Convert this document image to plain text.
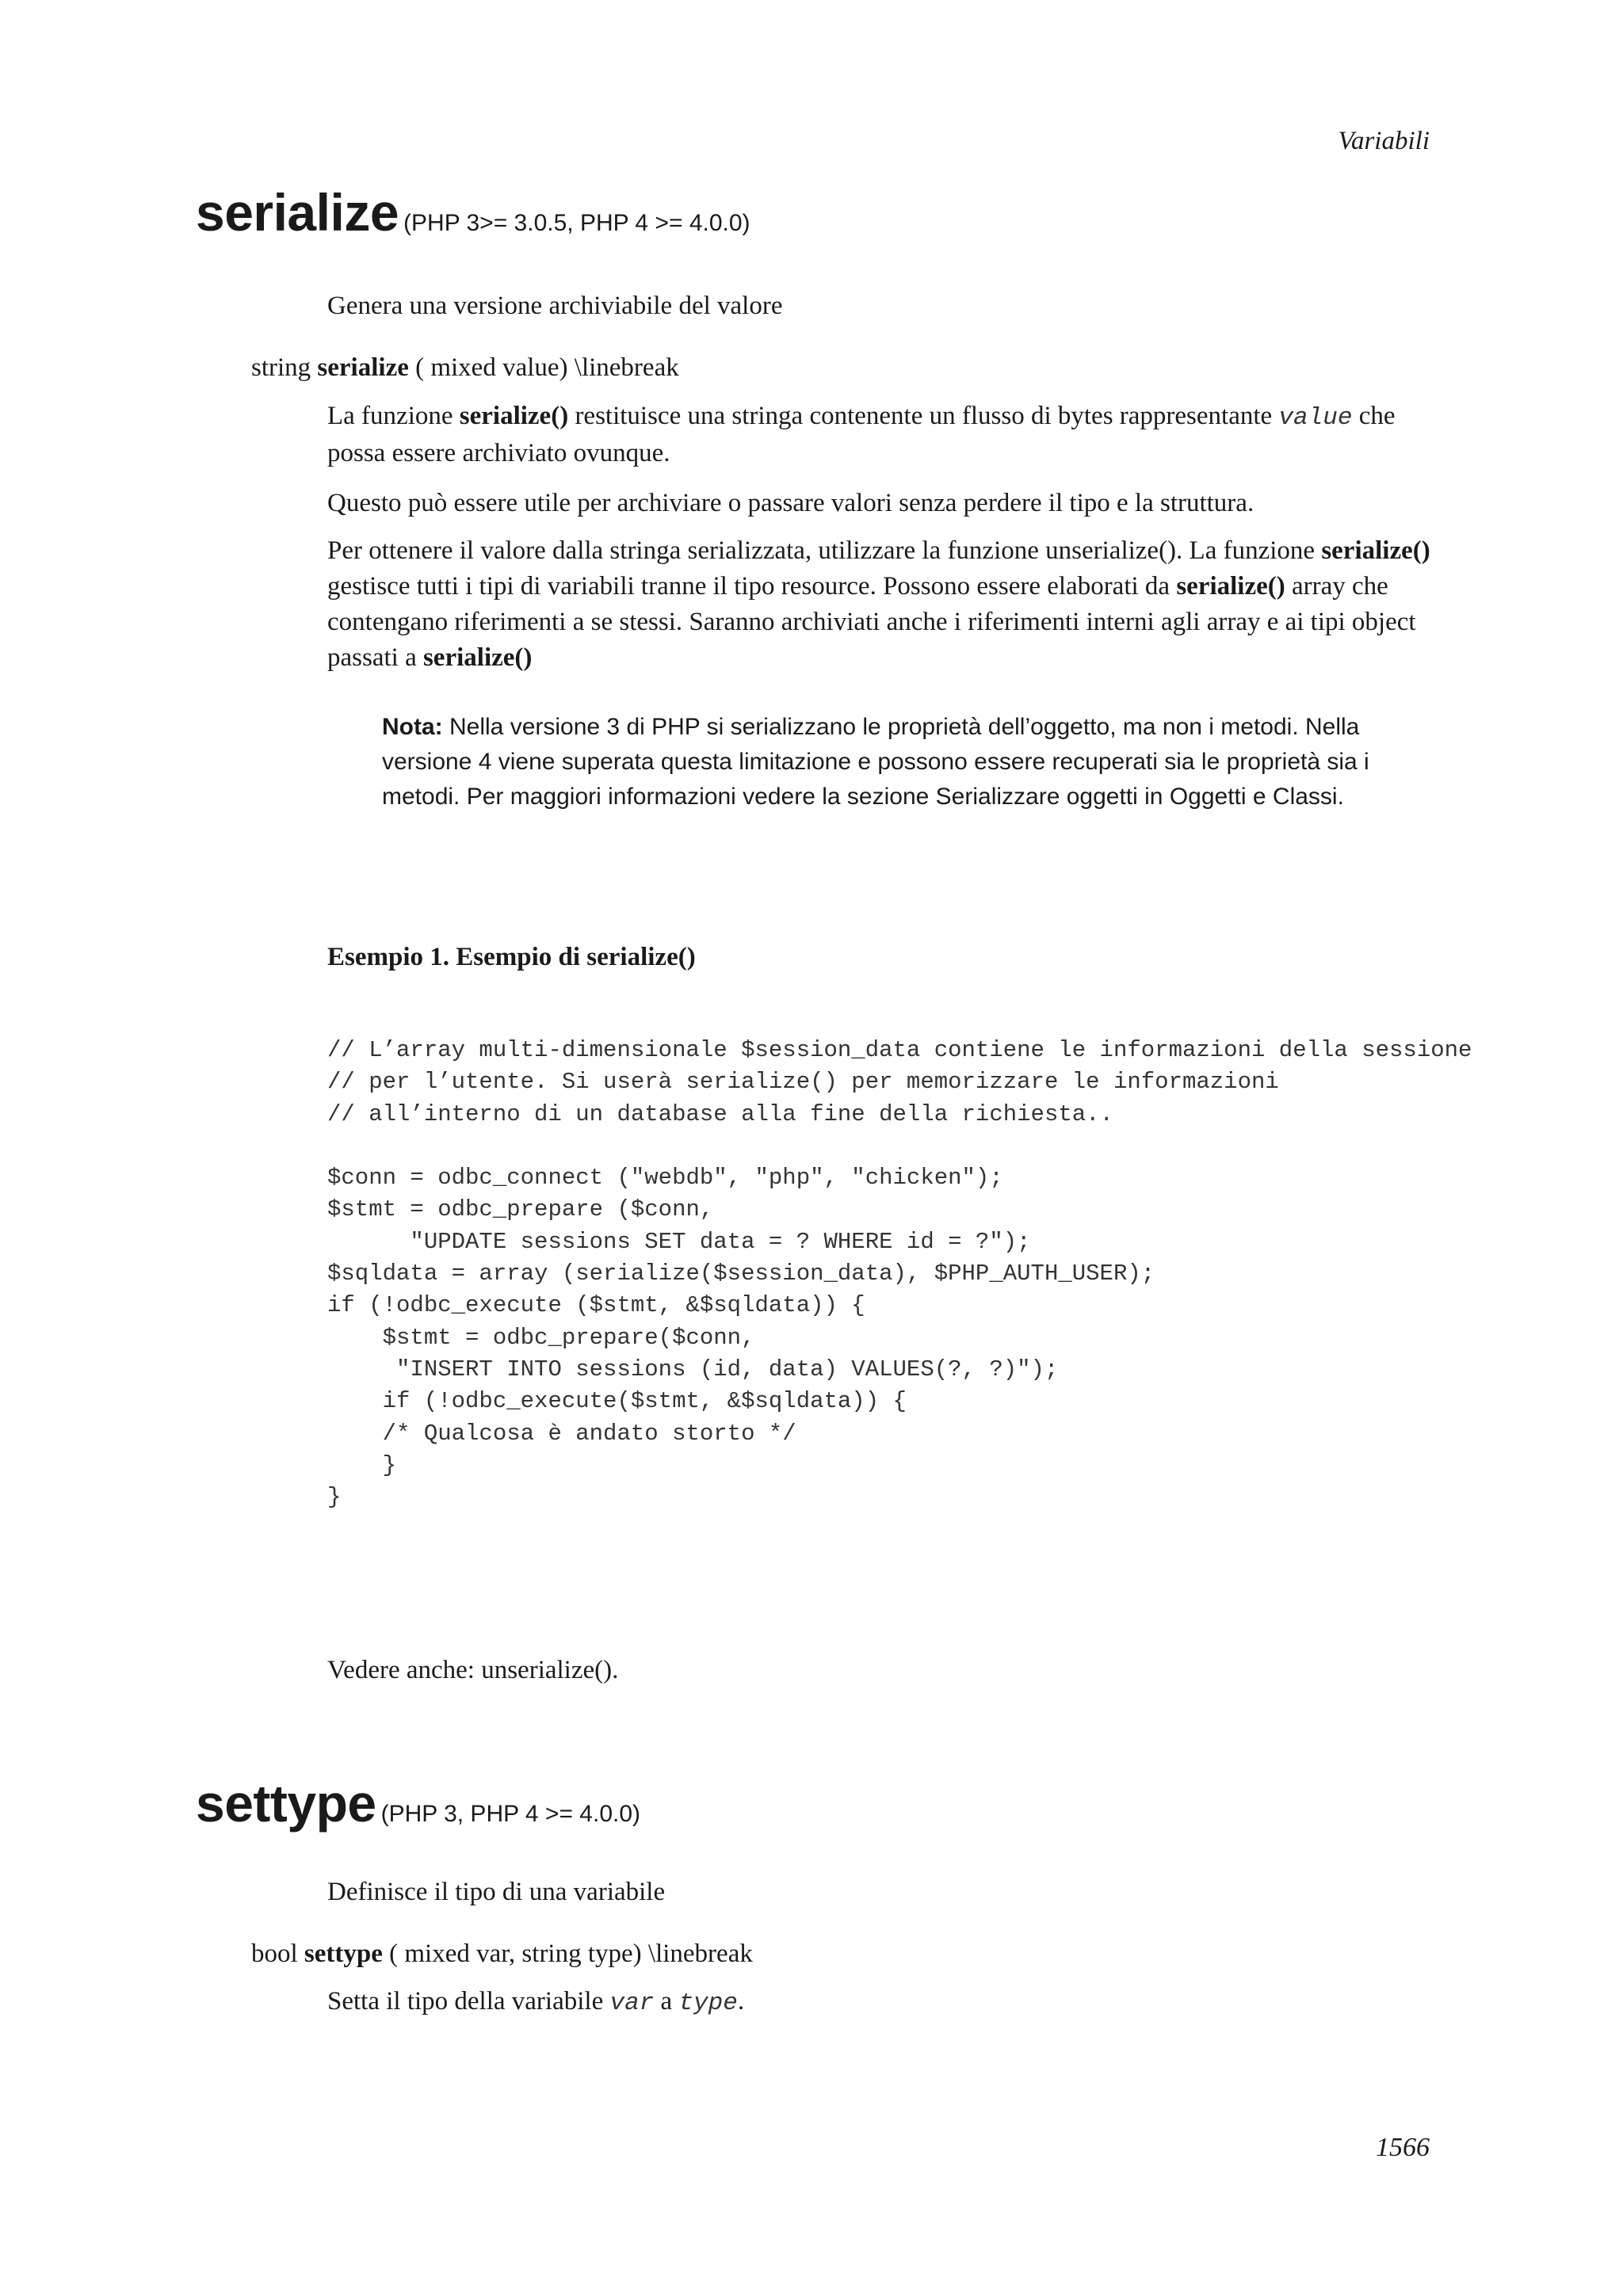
Variabili
serialize (PHP 3>= 3.0.5, PHP 4 >= 4.0.0)
Genera una versione archiviabile del valore
string serialize ( mixed value) \linebreak
La funzione serialize() restituisce una stringa contenente un flusso di bytes rappresentante value che possa essere archiviato ovunque.
Questo può essere utile per archiviare o passare valori senza perdere il tipo e la struttura.
Per ottenere il valore dalla stringa serializzata, utilizzare la funzione unserialize(). La funzione serialize() gestisce tutti i tipi di variabili tranne il tipo resource. Possono essere elaborati da serialize() array che contengano riferimenti a se stessi. Saranno archiviati anche i riferimenti interni agli array e ai tipi object passati a serialize()
Nota: Nella versione 3 di PHP si serializzano le proprietà dell’oggetto, ma non i metodi. Nella versione 4 viene superata questa limitazione e possono essere recuperati sia le proprietà sia i metodi. Per maggiori informazioni vedere la sezione Serializzare oggetti in Oggetti e Classi.
Esempio 1. Esempio di serialize()
// L’array multi-dimensionale $session_data contiene le informazioni della sessione
// per l’utente. Si userà serialize() per memorizzare le informazioni
// all’interno di un database alla fine della richiesta..

$conn = odbc_connect ("webdb", "php", "chicken");
$stmt = odbc_prepare ($conn,
"UPDATE sessions SET data = ? WHERE id = ?");
$sqldata = array (serialize($session_data), $PHP_AUTH_USER);
if (!odbc_execute ($stmt, &$sqldata)) {
$stmt = odbc_prepare($conn,
"INSERT INTO sessions (id, data) VALUES(?, ?)");
if (!odbc_execute($stmt, &$sqldata)) {
/* Qualcosa è andato storto */
}
}
Vedere anche: unserialize().
settype (PHP 3, PHP 4 >= 4.0.0)
Definisce il tipo di una variabile
bool settype ( mixed var, string type) \linebreak
Setta il tipo della variabile var a type.
1566
